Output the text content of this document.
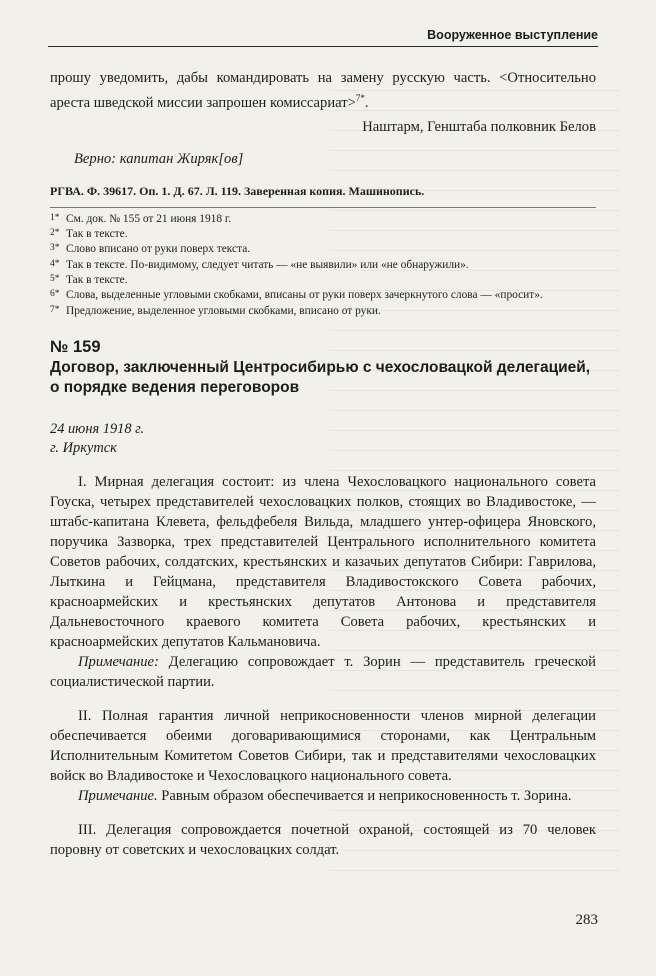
Вооруженное выступление

прошу уведомить, дабы командировать на замену русскую часть. <Относительно ареста шведской миссии запрошен комиссариат>$^{7*}$.

Наштарм, Генштаба полковник Белов

Верно: капитан Жиряк[ов]

РГВА. Ф. 39617. Оп. 1. Д. 67. Л. 119. Заверенная копия. Машинопись.
1* См. док. № 155 от 21 июня 1918 г.
2* Так в тексте.
3* Слово вписано от руки поверх текста.
4* Так в тексте. По-видимому, следует читать — «не выявили» или «не обнаружили».
5* Так в тексте.
6* Слова, выделенные угловыми скобками, вписаны от руки поверх зачеркнутого слова — «просит».
7* Предложение, выделенное угловыми скобками, вписано от руки.
№ 159
Договор, заключенный Центросибирью с чехословацкой делегацией, о порядке ведения переговоров
24 июня 1918 г.
г. Иркутск

I. Мирная делегация состоит: из члена Чехословацкого национального совета Гоуска, четырех представителей чехословацких полков, стоящих во Владивостоке, — штабс-капитана Клевета, фельдфебеля Вильда, младшего унтер-офицера Яновского, поручика Зазворка, трех представителей Центрального исполнительного комитета Советов рабочих, солдатских, крестьянских и казачьих депутатов Сибири: Гаврилова, Лыткина и Гейцмана, представителя Владивостокского Совета рабочих, красноармейских и крестьянских депутатов Антонова и представителя Дальневосточного краевого комитета Совета рабочих, крестьянских и красноармейских депутатов Кальмановича.

Примечание: Делегацию сопровождает т. Зорин — представитель греческой социалистической партии.

II. Полная гарантия личной неприкосновенности членов мирной делегации обеспечивается обеими договаривающимися сторонами, как Центральным Исполнительным Комитетом Советов Сибири, так и представителями чехословацких войск во Владивостоке и Чехословацкого национального совета.

Примечание. Равным образом обеспечивается и неприкосновенность т. Зорина.

III. Делегация сопровождается почетной охраной, состоящей из 70 человек поровну от советских и чехословацких солдат.

283
